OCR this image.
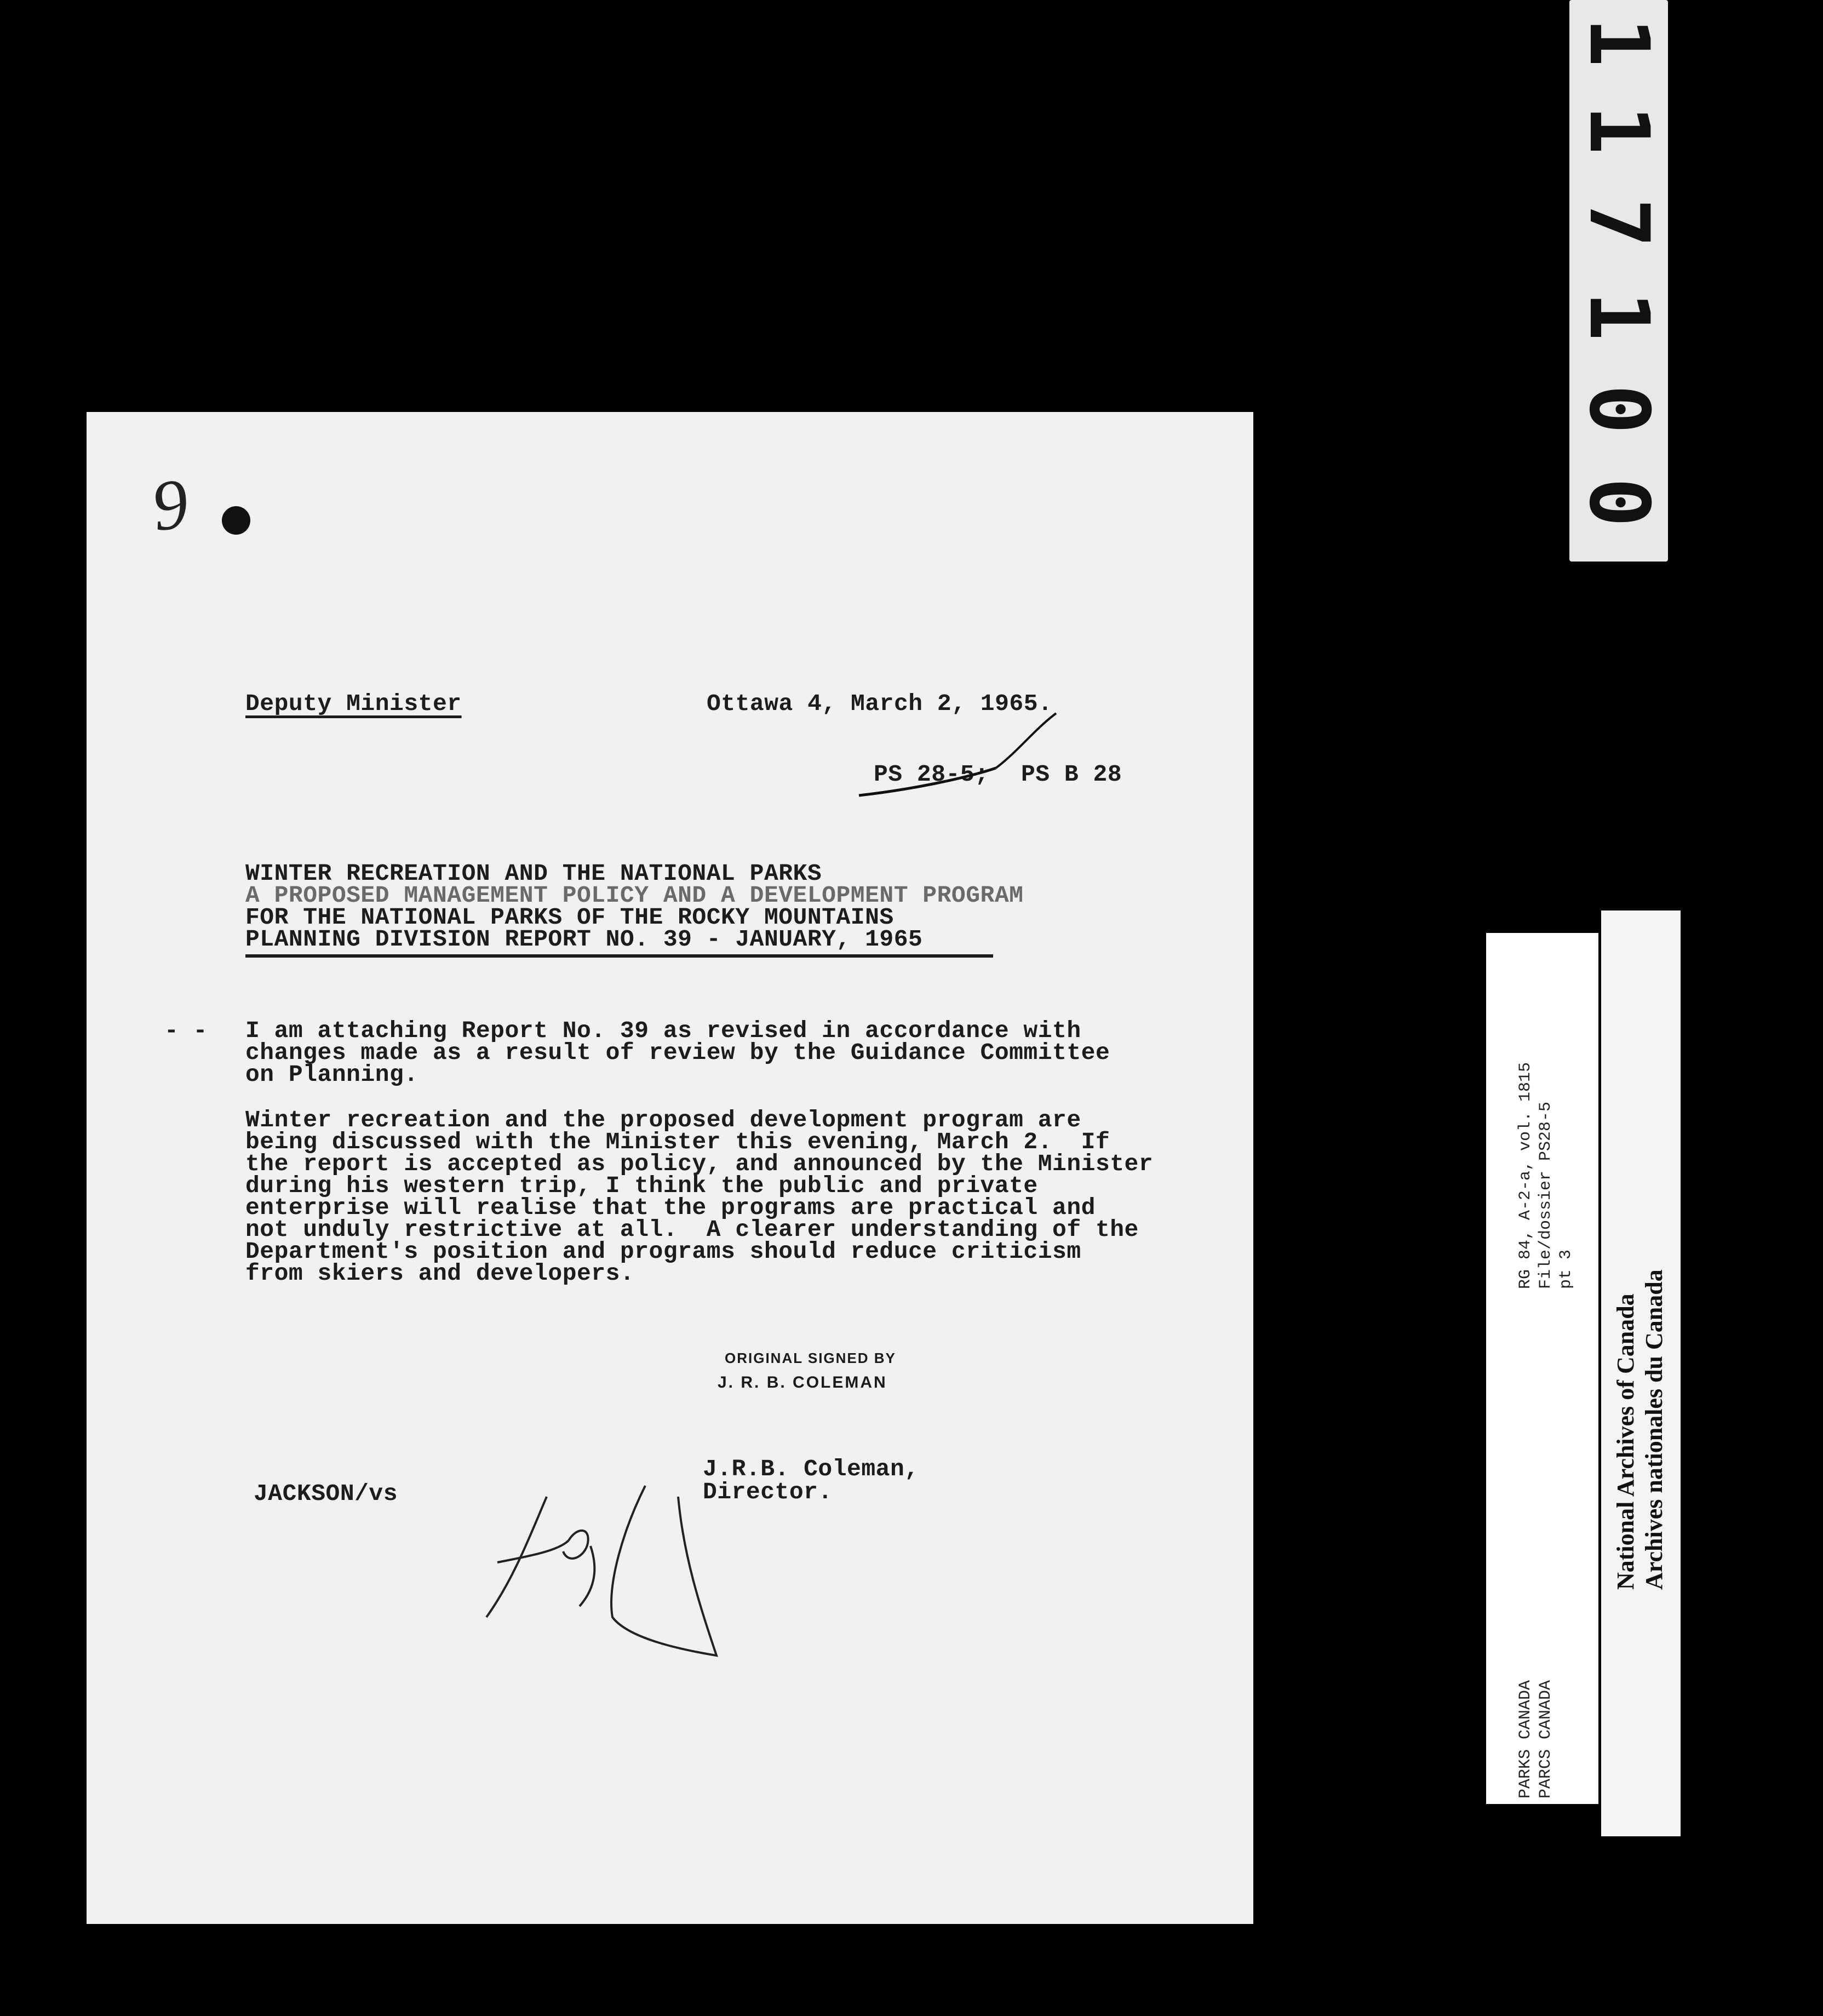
0
0
1
7
1
1
9
Deputy Minister	Ottawa 4, March 2, 1965.
PS 28-5; PS B 28
WINTER RECREATION AND THE NATIONAL PARKS
A PROPOSED MANAGEMENT POLICY AND A DEVELOPMENT PROGRAM
FOR THE NATIONAL PARKS OF THE ROCKY MOUNTAINS
PLANNING DIVISION REPORT NO. 39 - JANUARY, 1965
- - I am attaching Report No. 39 as revised in accordance with
changes made as a result of review by the Guidance Committee
on Planning.
Winter recreation and the proposed development program are
being discussed with the Minister this evening, March 2.  If
the report is accepted as policy, and announced by the Minister
during his western trip, I think the public and private
enterprise will realise that the programs are practical and
not unduly restrictive at all.  A clearer understanding of the
Department's position and programs should reduce criticism
from skiers and developers.
ORIGINAL SIGNED BY
J. R. B. COLEMAN
J.R.B. Coleman,
Director.
JACKSON/vs
RG 84, A-2-a, vol. 1815 File/dossier PS28-5 pt 3
PARKS CANADA PARCS CANADA
National Archives of Canada Archives nationales du Canada
